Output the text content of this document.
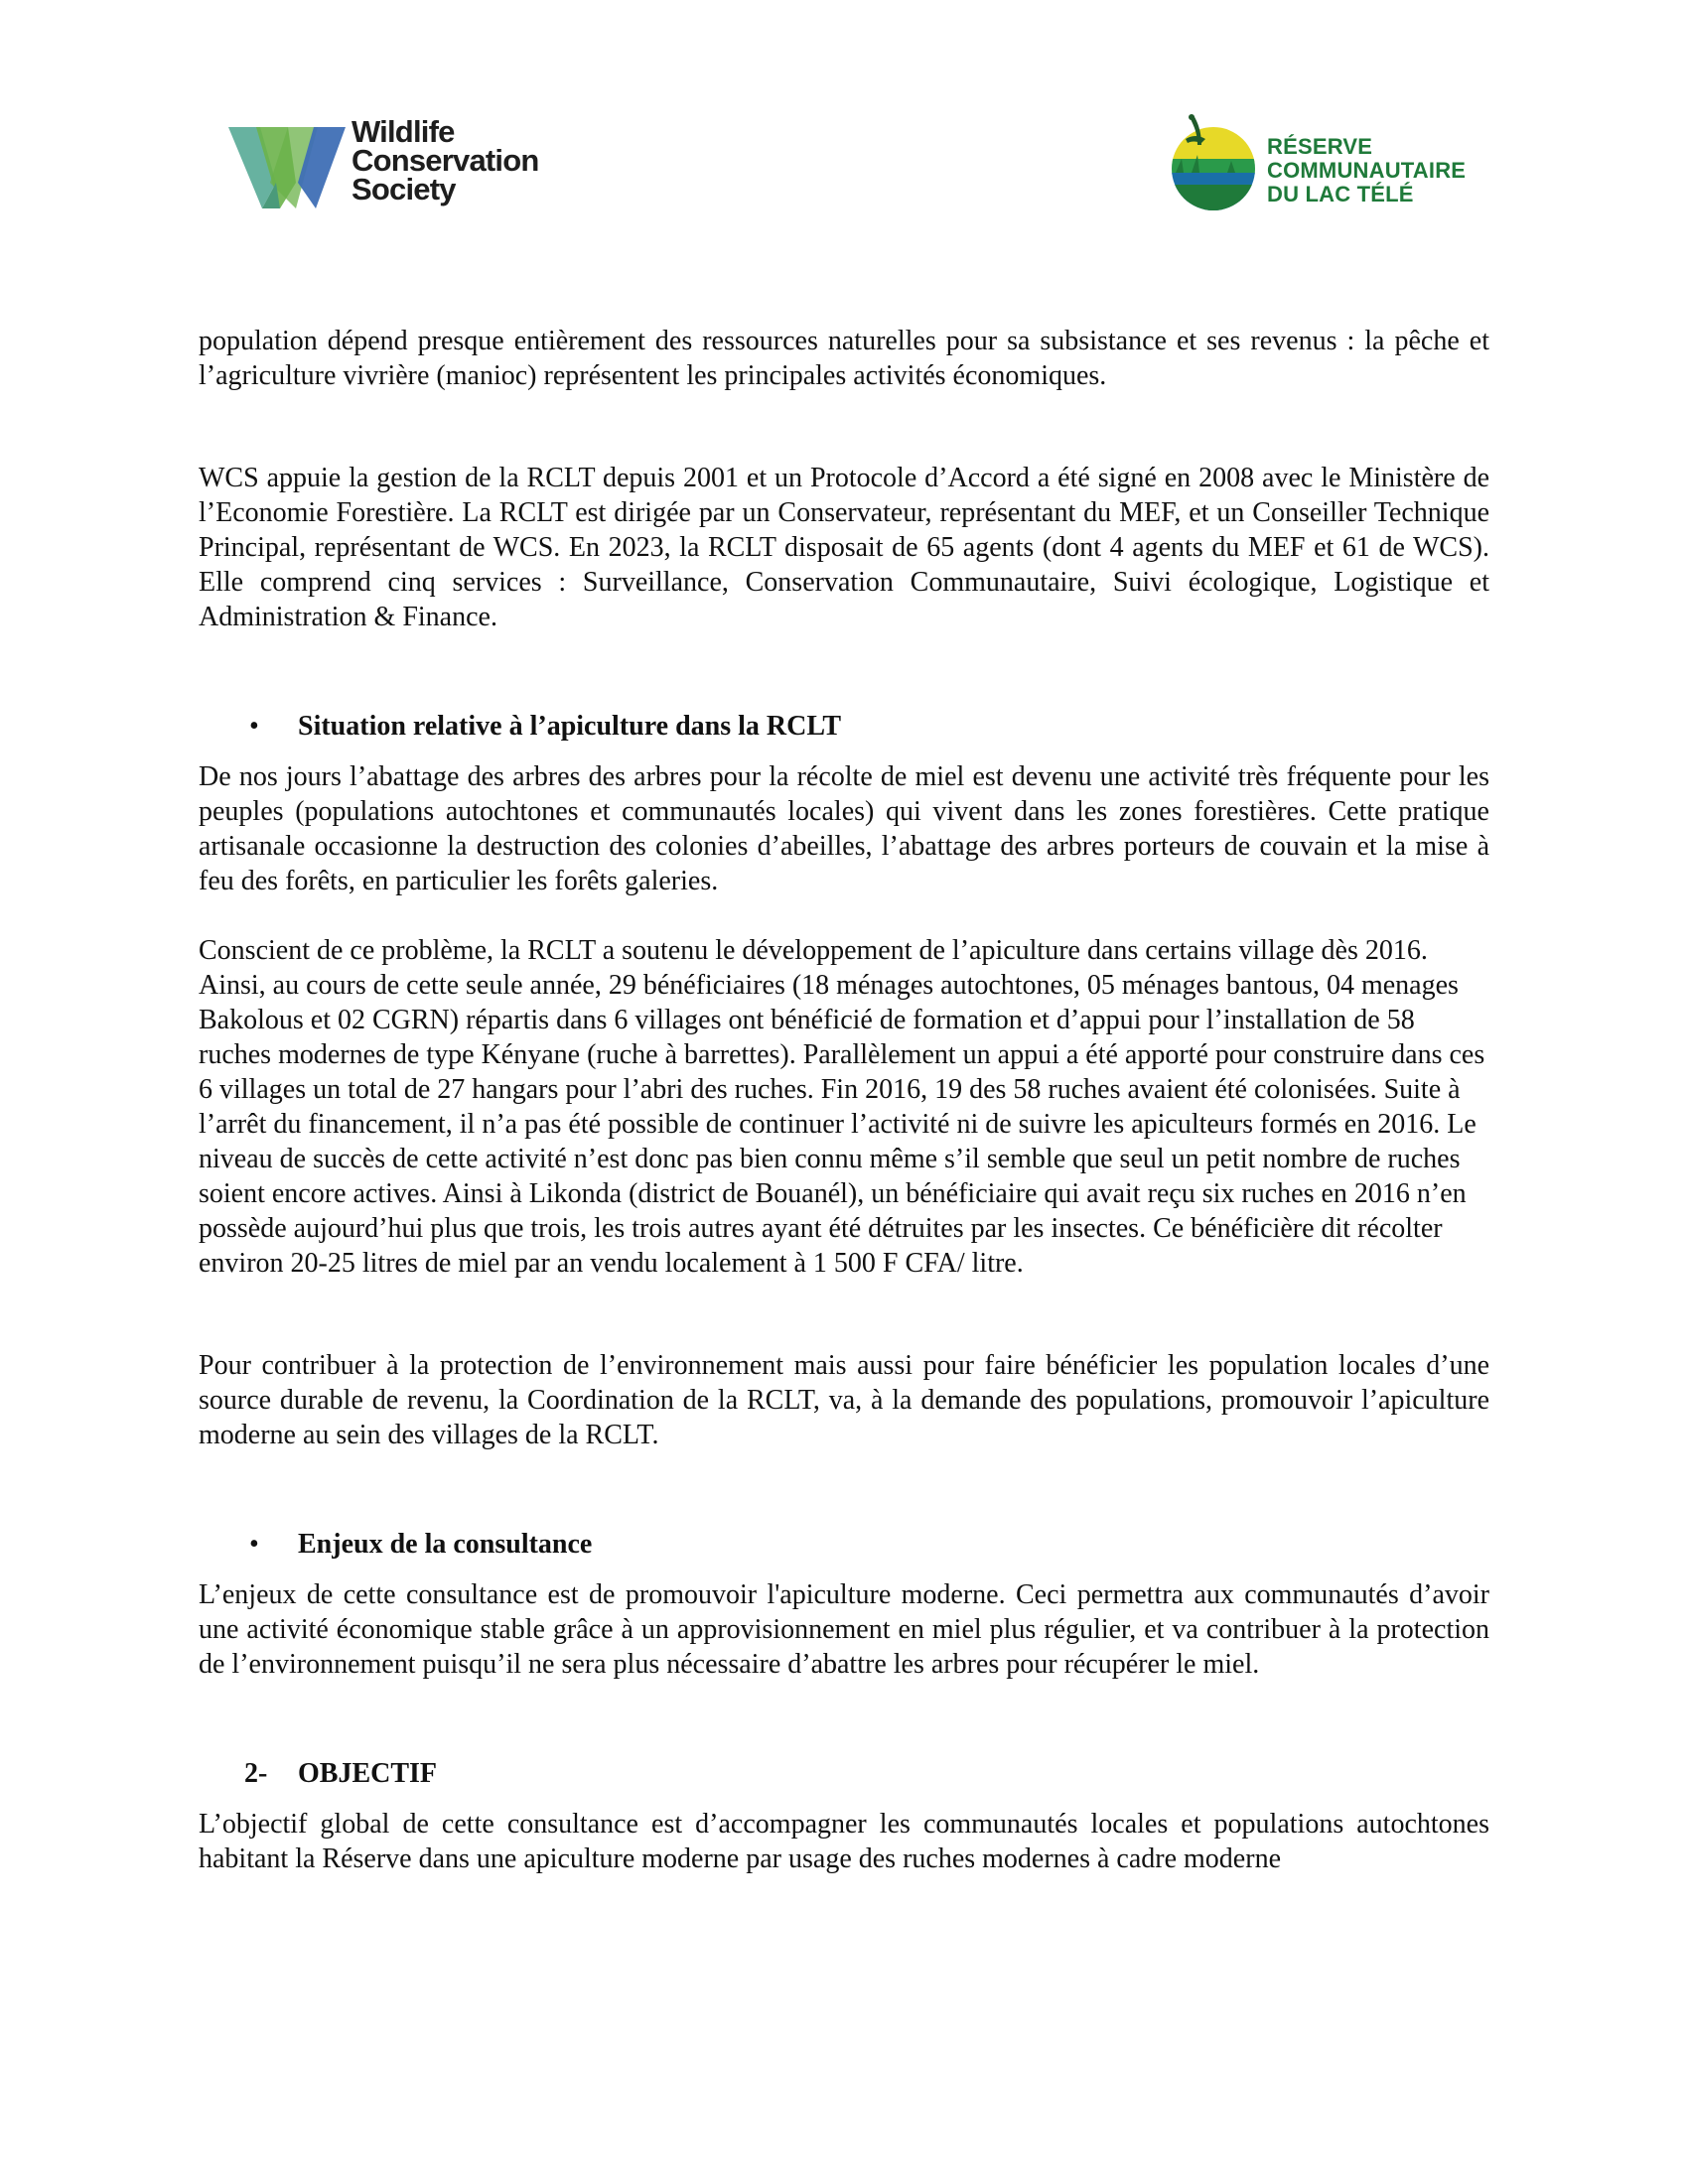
Wildlife
Conservation
Society
RÉSERVE
COMMUNAUTAIRE
DU LAC TÉLÉ

population dépend presque entièrement des ressources naturelles pour sa subsistance et ses revenus : la pêche et l’agriculture vivrière (manioc) représentent les principales activités économiques.

WCS appuie la gestion de la RCLT depuis 2001 et un Protocole d’Accord a été signé en 2008 avec le Ministère de l’Economie Forestière. La RCLT est dirigée par un Conservateur, représentant du MEF, et un Conseiller Technique Principal, représentant de WCS. En 2023, la RCLT disposait de 65 agents (dont 4 agents du MEF et 61 de WCS). Elle comprend cinq services : Surveillance, Conservation Communautaire, Suivi écologique, Logistique et Administration & Finance.

• Situation relative à l’apiculture dans la RCLT

De nos jours l’abattage des arbres des arbres pour la récolte de miel est devenu une activité très fréquente pour les peuples (populations autochtones et communautés locales) qui vivent dans les zones forestières. Cette pratique artisanale occasionne la destruction des colonies d’abeilles, l’abattage des arbres porteurs de couvain et la mise à feu des forêts, en particulier les forêts galeries.

Conscient de ce problème, la RCLT a soutenu le développement de l’apiculture dans certains village dès 2016. Ainsi, au cours de cette seule année, 29 bénéficiaires (18 ménages autochtones, 05 ménages bantous, 04 menages Bakolous et 02 CGRN) répartis dans 6 villages ont bénéficié de formation et d’appui pour l’installation de 58 ruches modernes de type Kényane (ruche à barrettes). Parallèlement un appui a été apporté pour construire dans ces 6 villages un total de 27 hangars pour l’abri des ruches. Fin 2016, 19 des 58 ruches avaient été colonisées. Suite à l’arrêt du financement, il n’a pas été possible de continuer l’activité ni de suivre les apiculteurs formés en 2016. Le niveau de succès de cette activité n’est donc pas bien connu même s’il semble que seul un petit nombre de ruches soient encore actives. Ainsi à Likonda (district de Bouanél), un bénéficiaire qui avait reçu six ruches en 2016 n’en possède aujourd’hui plus que trois, les trois autres ayant été détruites par les insectes. Ce bénéficière dit récolter environ 20-25 litres de miel par an vendu localement à 1 500 F CFA/ litre.

Pour contribuer à la protection de l’environnement mais aussi pour faire bénéficier les population locales d’une source durable de revenu, la Coordination de la RCLT, va, à la demande des populations, promouvoir l’apiculture moderne au sein des villages de la RCLT.

• Enjeux de la consultance

L’enjeux de cette consultance est de promouvoir l'apiculture moderne. Ceci permettra aux communautés d’avoir une activité économique stable grâce à un approvisionnement en miel plus régulier, et va contribuer à la protection de l’environnement puisqu’il ne sera plus nécessaire d’abattre les arbres pour récupérer le miel.

2- OBJECTIF

L’objectif global de cette consultance est d’accompagner les communautés locales et populations autochtones habitant la Réserve dans une apiculture moderne par usage des ruches modernes à cadre moderne
